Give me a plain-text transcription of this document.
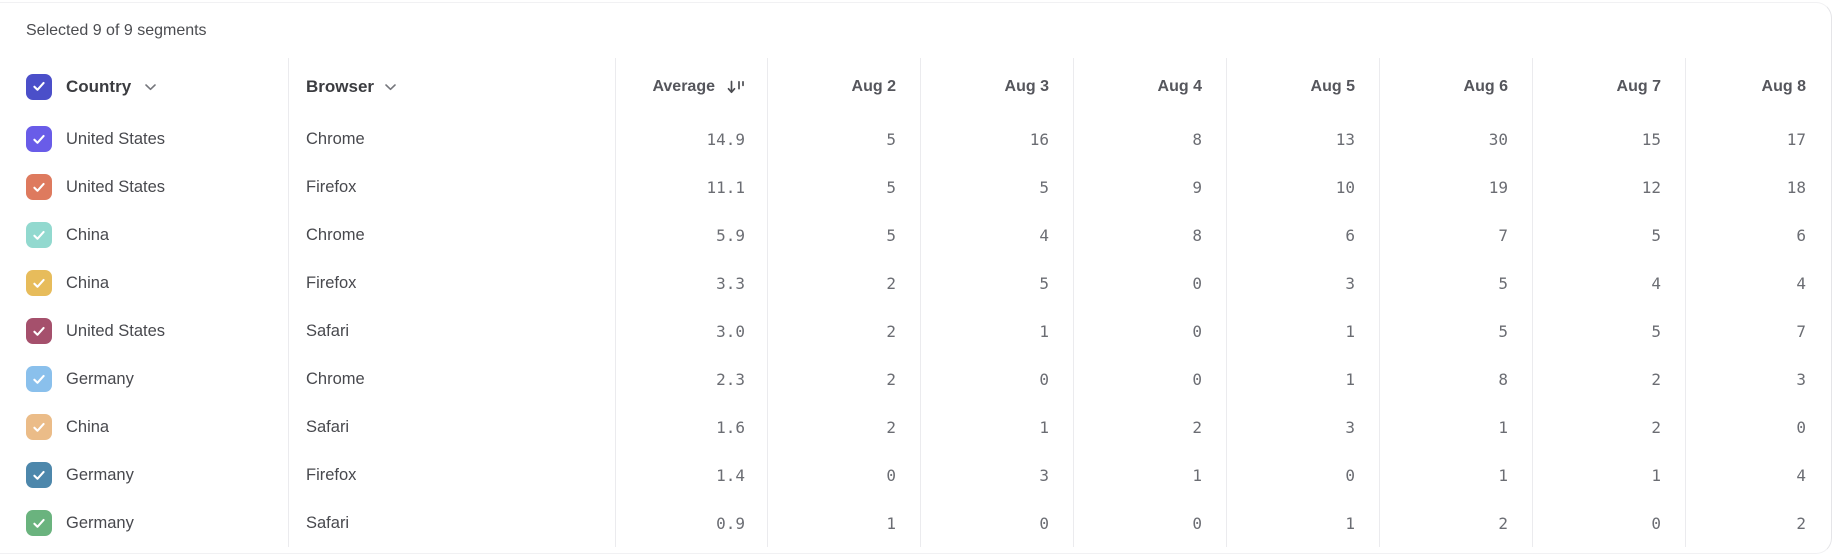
Selected 9 of 9 segments
Country	Browser	Average	Aug 2	Aug 3	Aug 4	Aug 5	Aug 6	Aug 7	Aug 8
United States	Chrome	14.9	5	16	8	13	30	15	17
United States	Firefox	11.1	5	5	9	10	19	12	18
China	Chrome	5.9	5	4	8	6	7	5	6
China	Firefox	3.3	2	5	0	3	5	4	4
United States	Safari	3.0	2	1	0	1	5	5	7
Germany	Chrome	2.3	2	0	0	1	8	2	3
China	Safari	1.6	2	1	2	3	1	2	0
Germany	Firefox	1.4	0	3	1	0	1	1	4
Germany	Safari	0.9	1	0	0	1	2	0	2
